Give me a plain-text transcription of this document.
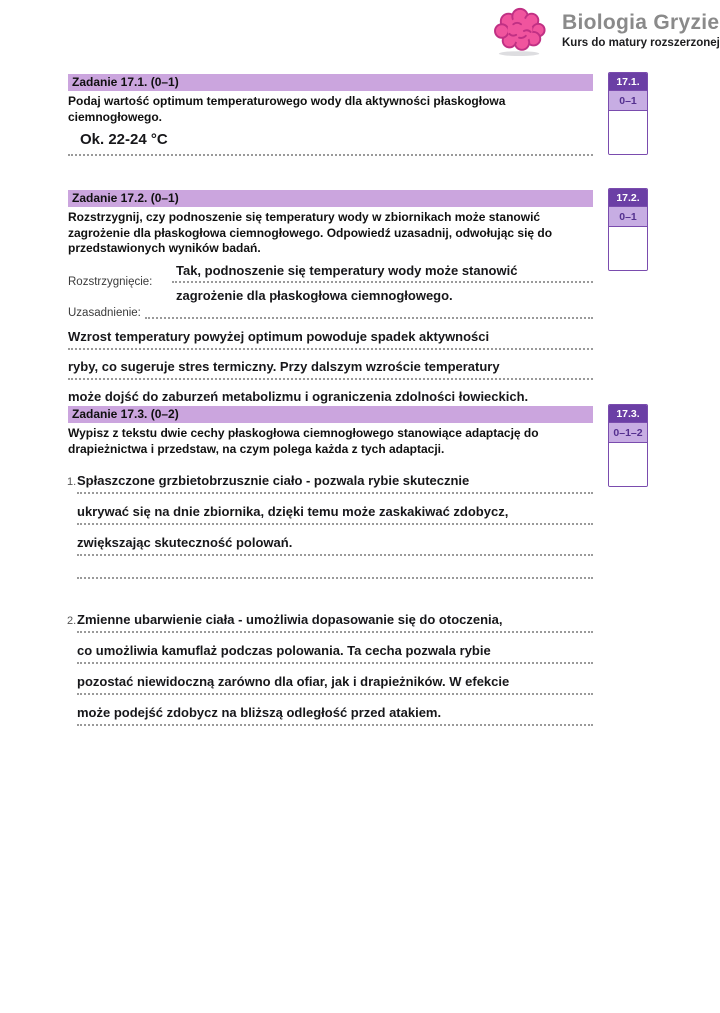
Biologia Gryzie
Kurs do matury rozszerzonej
Zadanie 17.1. (0–1)
Podaj wartość optimum temperaturowego wody dla aktywności płaskogłowa ciemnogłowego.
Ok. 22-24 °C
17.1.
0–1
Zadanie 17.2. (0–1)
Rozstrzygnij, czy podnoszenie się temperatury wody w zbiornikach może stanowić zagrożenie dla płaskogłowa ciemnogłowego. Odpowiedź uzasadnij, odwołując się do przedstawionych wyników badań.
Rozstrzygnięcie:
Tak, podnoszenie się temperatury wody może stanowić
zagrożenie dla płaskogłowa ciemnogłowego.
Uzasadnienie:
Wzrost temperatury powyżej optimum powoduje spadek aktywności
ryby, co sugeruje stres termiczny. Przy dalszym wzroście temperatury
może dojść do zaburzeń metabolizmu i ograniczenia zdolności łowieckich.
17.2.
0–1
Zadanie 17.3. (0–2)
Wypisz z tekstu dwie cechy płaskogłowa ciemnogłowego stanowiące adaptację do drapieżnictwa i przedstaw, na czym polega każda z tych adaptacji.
1. Spłaszczone grzbietobrzusznie ciało - pozwala rybie skutecznie
ukrywać się na dnie zbiornika, dzięki temu może zaskakiwać zdobycz,
zwiększając skuteczność polowań.
2. Zmienne ubarwienie ciała - umożliwia dopasowanie się do otoczenia,
co umożliwia kamuflaż podczas polowania. Ta cecha pozwala rybie
pozostać niewidoczną zarówno dla ofiar, jak i drapieżników. W efekcie
może podejść zdobycz na bliższą odległość przed atakiem.
17.3.
0–1–2
